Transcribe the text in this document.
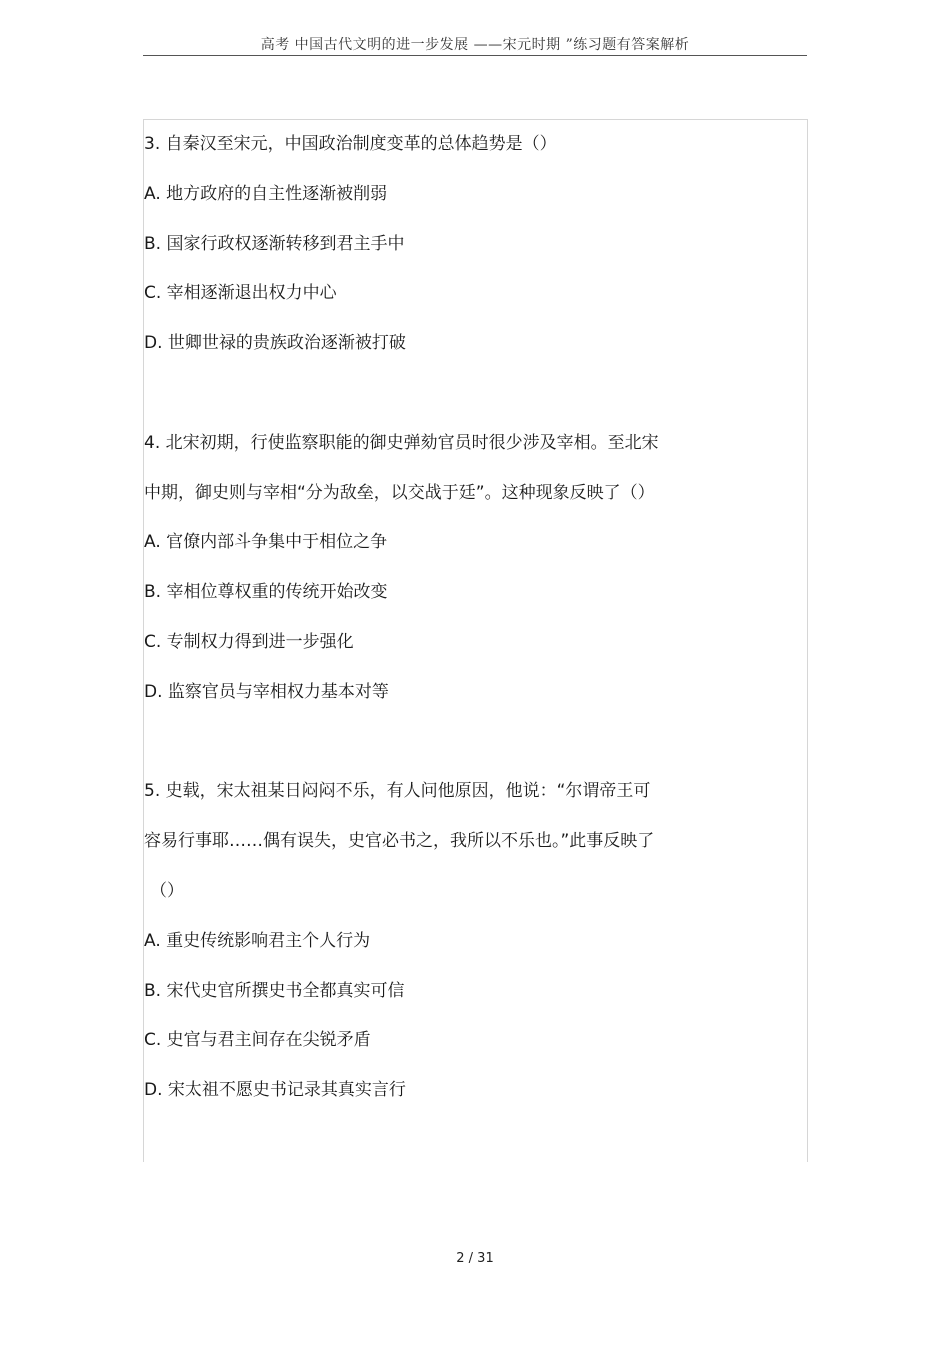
高考 中国古代文明的进一步发展 ——宋元时期 ”练习题有答案解析
3. 自秦汉至宋元，中国政治制度变革的总体趋势是（）
A. 地方政府的自主性逐渐被削弱
B. 国家行政权逐渐转移到君主手中
C. 宰相逐渐退出权力中心
D. 世卿世禄的贵族政治逐渐被打破
4. 北宋初期，行使监察职能的御史弹劾官员时很少涉及宰相。至北宋
中期，御史则与宰相“分为敌垒，以交战于廷”。这种现象反映了（）
A. 官僚内部斗争集中于相位之争
B. 宰相位尊权重的传统开始改变
C. 专制权力得到进一步强化
D. 监察官员与宰相权力基本对等
5. 史载，宋太祖某日闷闷不乐，有人问他原因，他说：“尔谓帝王可
容易行事耶……偶有误失，史官必书之，我所以不乐也。”此事反映了
（）
A. 重史传统影响君主个人行为
B. 宋代史官所撰史书全都真实可信
C. 史官与君主间存在尖锐矛盾
D. 宋太祖不愿史书记录其真实言行
2 / 31
